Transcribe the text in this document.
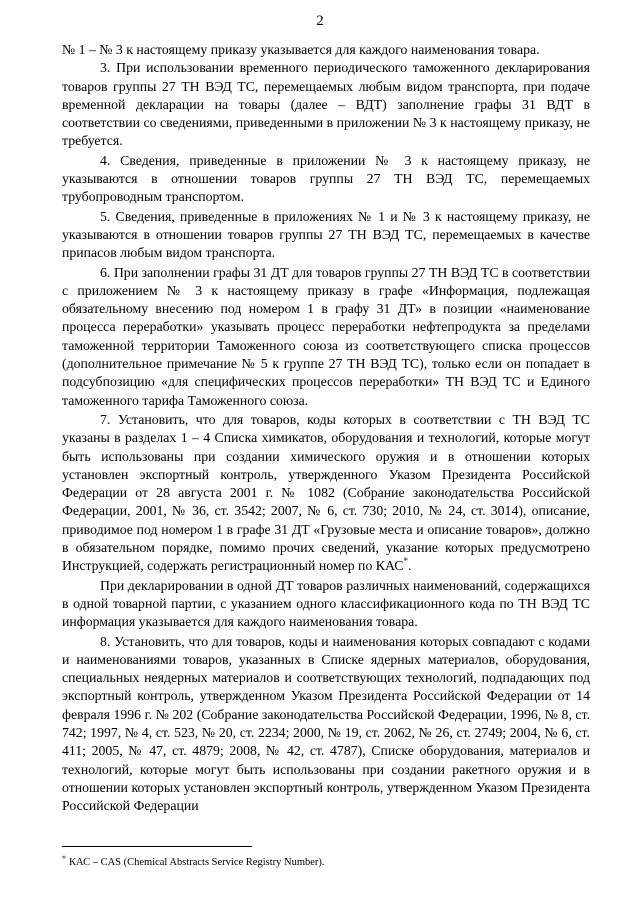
2

№ 1 – № 3 к настоящему приказу указывается для каждого наименования товара.

3. При использовании временного периодического таможенного декларирования товаров группы 27 ТН ВЭД ТС, перемещаемых любым видом транспорта, при подаче временной декларации на товары (далее – ВДТ) заполнение графы 31 ВДТ в соответствии со сведениями, приведенными в приложении № 3 к настоящему приказу, не требуется.

4. Сведения, приведенные в приложении № 3 к настоящему приказу, не указываются в отношении товаров группы 27 ТН ВЭД ТС, перемещаемых трубопроводным транспортом.

5. Сведения, приведенные в приложениях № 1 и № 3 к настоящему приказу, не указываются в отношении товаров группы 27 ТН ВЭД ТС, перемещаемых в качестве припасов любым видом транспорта.

6. При заполнении графы 31 ДТ для товаров группы 27 ТН ВЭД ТС в соответствии с приложением № 3 к настоящему приказу в графе «Информация, подлежащая обязательному внесению под номером 1 в графу 31 ДТ» в позиции «наименование процесса переработки» указывать процесс переработки нефтепродукта за пределами таможенной территории Таможенного союза из соответствующего списка процессов (дополнительное примечание № 5 к группе 27 ТН ВЭД ТС), только если он попадает в подсубпозицию «для специфических процессов переработки» ТН ВЭД ТС и Единого таможенного тарифа Таможенного союза.

7. Установить, что для товаров, коды которых в соответствии с ТН ВЭД ТС указаны в разделах 1 – 4 Списка химикатов, оборудования и технологий, которые могут быть использованы при создании химического оружия и в отношении которых установлен экспортный контроль, утвержденного Указом Президента Российской Федерации от 28 августа 2001 г. № 1082 (Собрание законодательства Российской Федерации, 2001, № 36, ст. 3542; 2007, № 6, ст. 730; 2010, № 24, ст. 3014), описание, приводимое под номером 1 в графе 31 ДТ «Грузовые места и описание товаров», должно в обязательном порядке, помимо прочих сведений, указание которых предусмотрено Инструкцией, содержать регистрационный номер по КАС*.

При декларировании в одной ДТ товаров различных наименований, содержащихся в одной товарной партии, с указанием одного классификационного кода по ТН ВЭД ТС информация указывается для каждого наименования товара.

8. Установить, что для товаров, коды и наименования которых совпадают с кодами и наименованиями товаров, указанных в Списке ядерных материалов, оборудования, специальных неядерных материалов и соответствующих технологий, подпадающих под экспортный контроль, утвержденном Указом Президента Российской Федерации от 14 февраля 1996 г. № 202 (Собрание законодательства Российской Федерации, 1996, № 8, ст. 742; 1997, № 4, ст. 523, № 20, ст. 2234; 2000, № 19, ст. 2062, № 26, ст. 2749; 2004, № 6, ст. 411; 2005, № 47, ст. 4879; 2008, № 42, ст. 4787), Списке оборудования, материалов и технологий, которые могут быть использованы при создании ракетного оружия и в отношении которых установлен экспортный контроль, утвержденном Указом Президента Российской Федерации

* КАС – CAS (Chemical Abstracts Service Registry Number).
